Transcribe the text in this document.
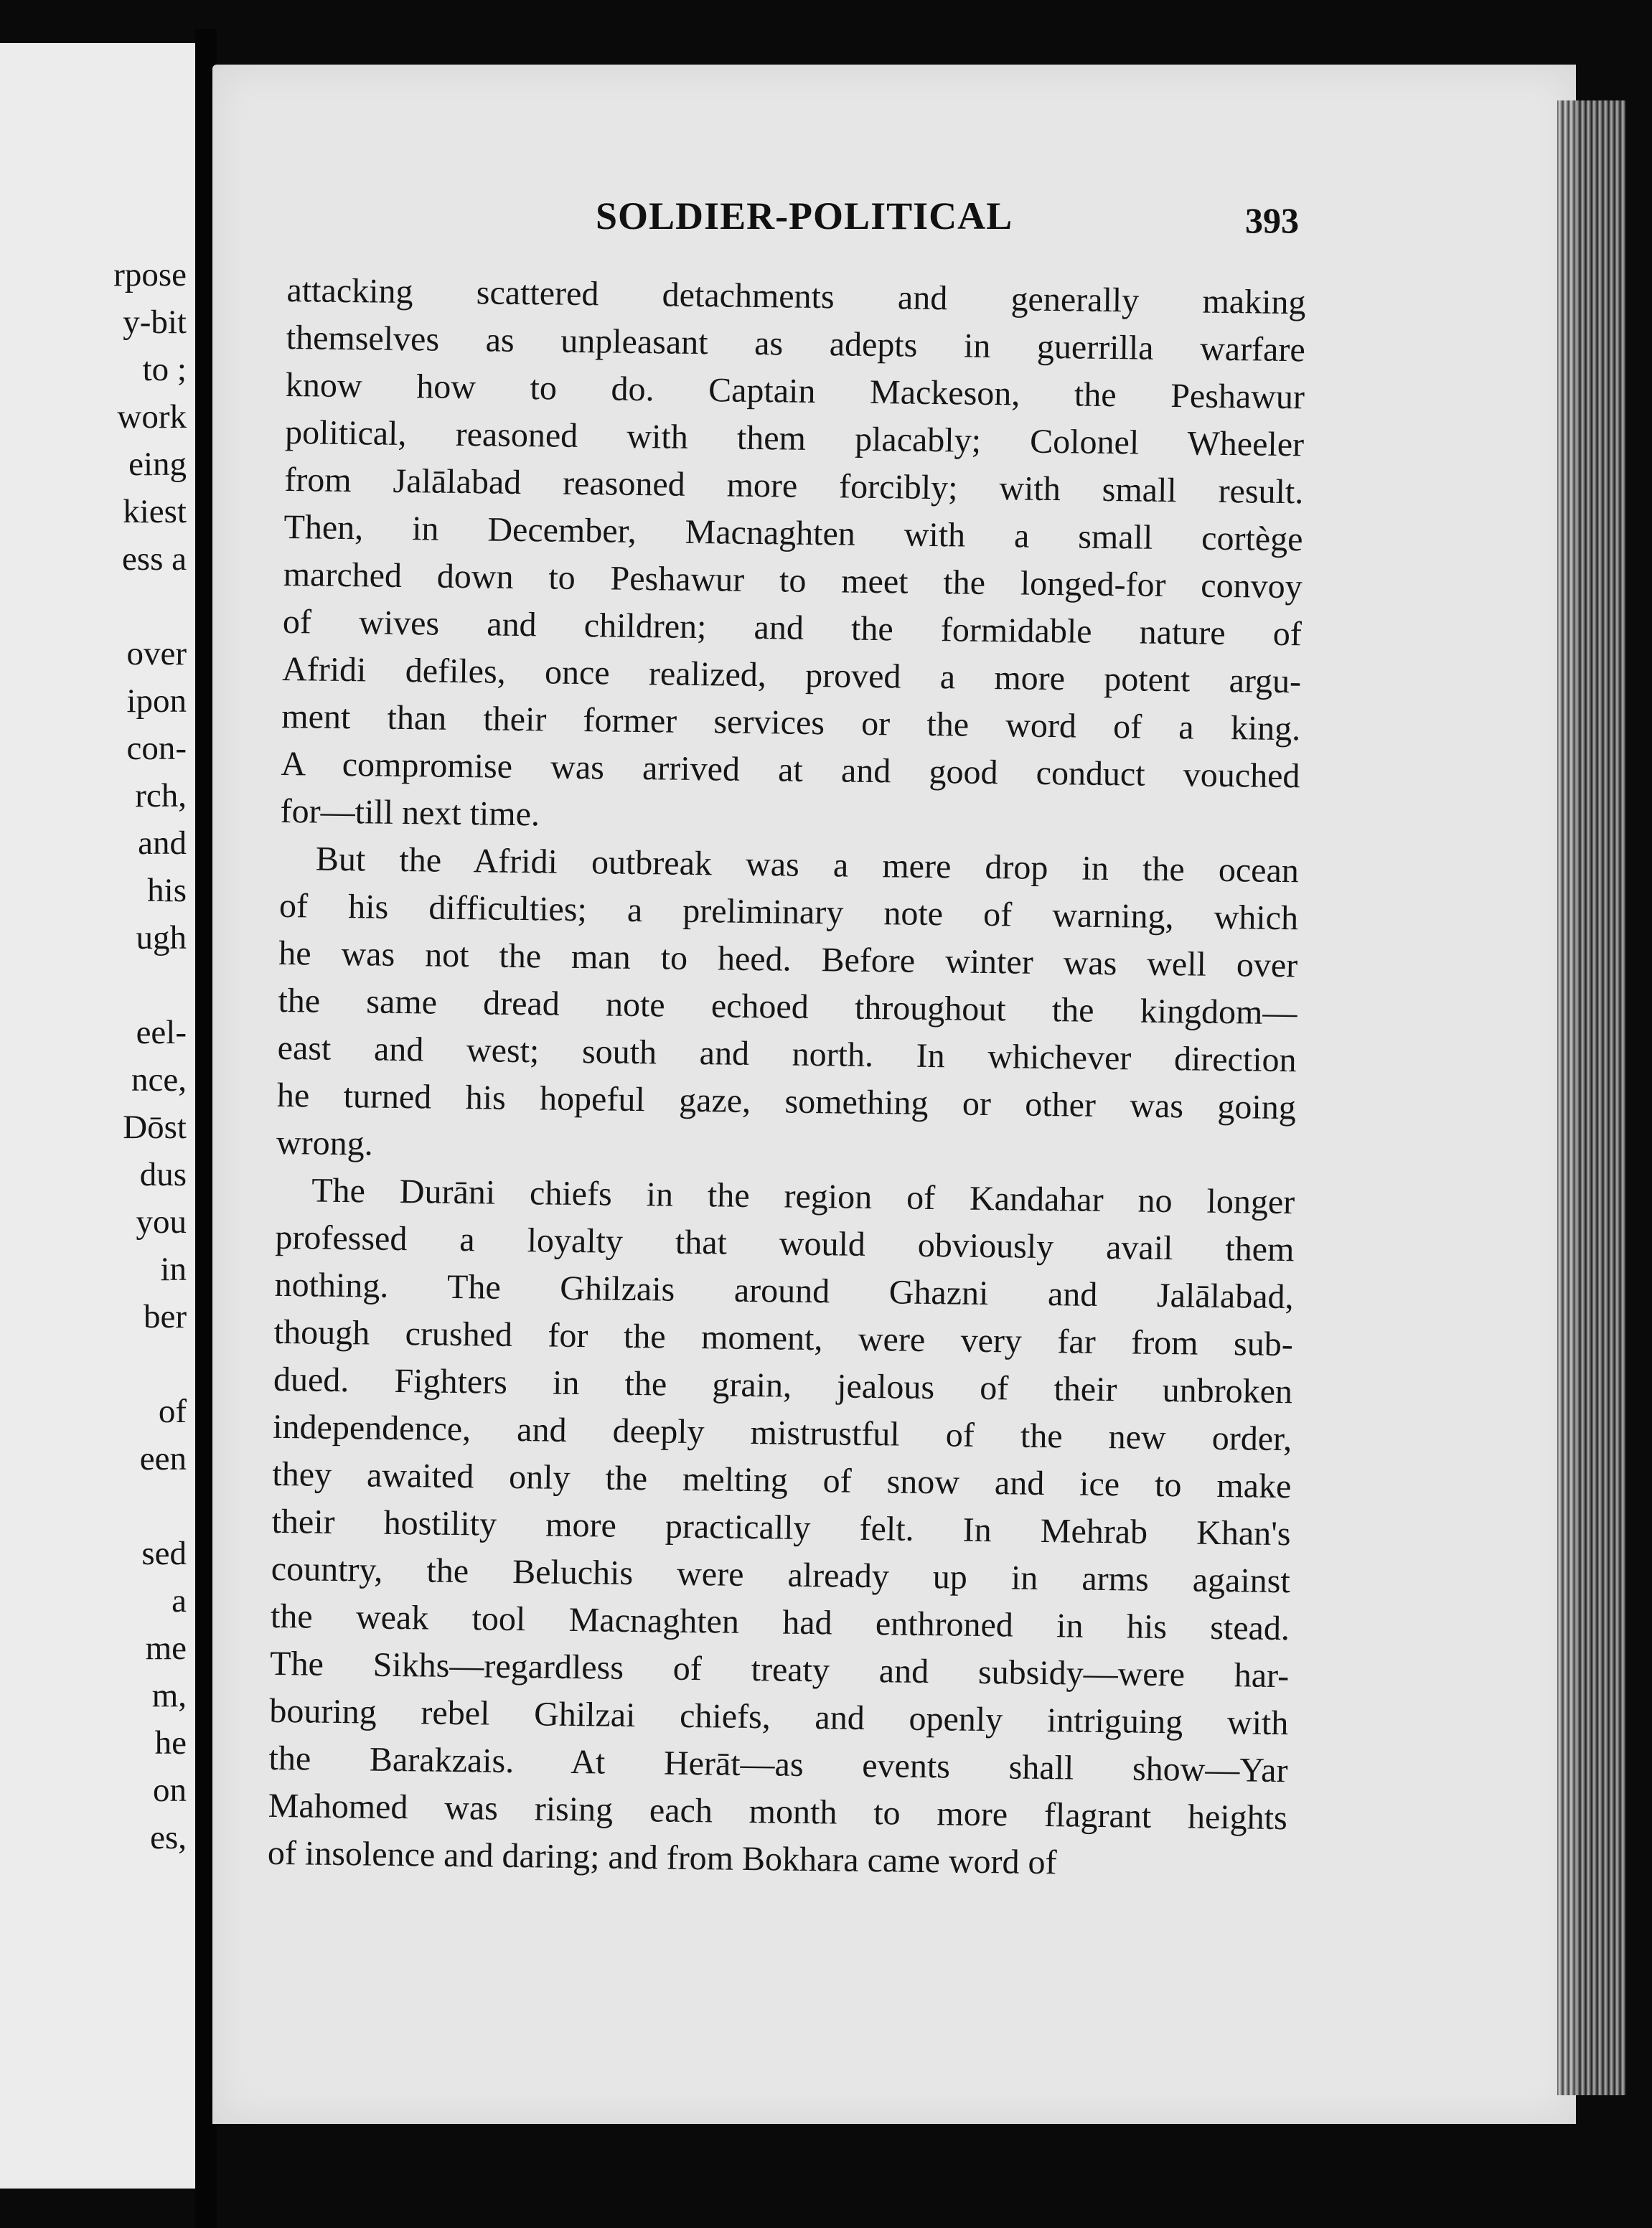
rpose
y-bit
to ;
work
eing
kiest
ess a
over
ipon
con-
rch,
and
his
ugh
eel-
nce,
Dōst
dus
you
in
ber
of
een
sed
a
me
m,
he
on
es,
SOLDIER-POLITICAL	393
attacking scattered detachments and generally making
themselves as unpleasant as adepts in guerrilla warfare
know how to do. Captain Mackeson, the Peshawur
political, reasoned with them placably; Colonel Wheeler
from Jalālabad reasoned more forcibly; with small result.
Then, in December, Macnaghten with a small cortège
marched down to Peshawur to meet the longed-for convoy
of wives and children; and the formidable nature of
Afridi defiles, once realized, proved a more potent argu-
ment than their former services or the word of a king.
A compromise was arrived at and good conduct vouched
for—till next time.
But the Afridi outbreak was a mere drop in the ocean
of his difficulties; a preliminary note of warning, which
he was not the man to heed. Before winter was well over
the same dread note echoed throughout the kingdom—
east and west; south and north. In whichever direction
he turned his hopeful gaze, something or other was going
wrong.
The Durāni chiefs in the region of Kandahar no longer
professed a loyalty that would obviously avail them
nothing. The Ghilzais around Ghazni and Jalālabad,
though crushed for the moment, were very far from sub-
dued. Fighters in the grain, jealous of their unbroken
independence, and deeply mistrustful of the new order,
they awaited only the melting of snow and ice to make
their hostility more practically felt. In Mehrab Khan's
country, the Beluchis were already up in arms against
the weak tool Macnaghten had enthroned in his stead.
The Sikhs—regardless of treaty and subsidy—were har-
bouring rebel Ghilzai chiefs, and openly intriguing with
the Barakzais. At Herāt—as events shall show—Yar
Mahomed was rising each month to more flagrant heights
of insolence and daring; and from Bokhara came word of
